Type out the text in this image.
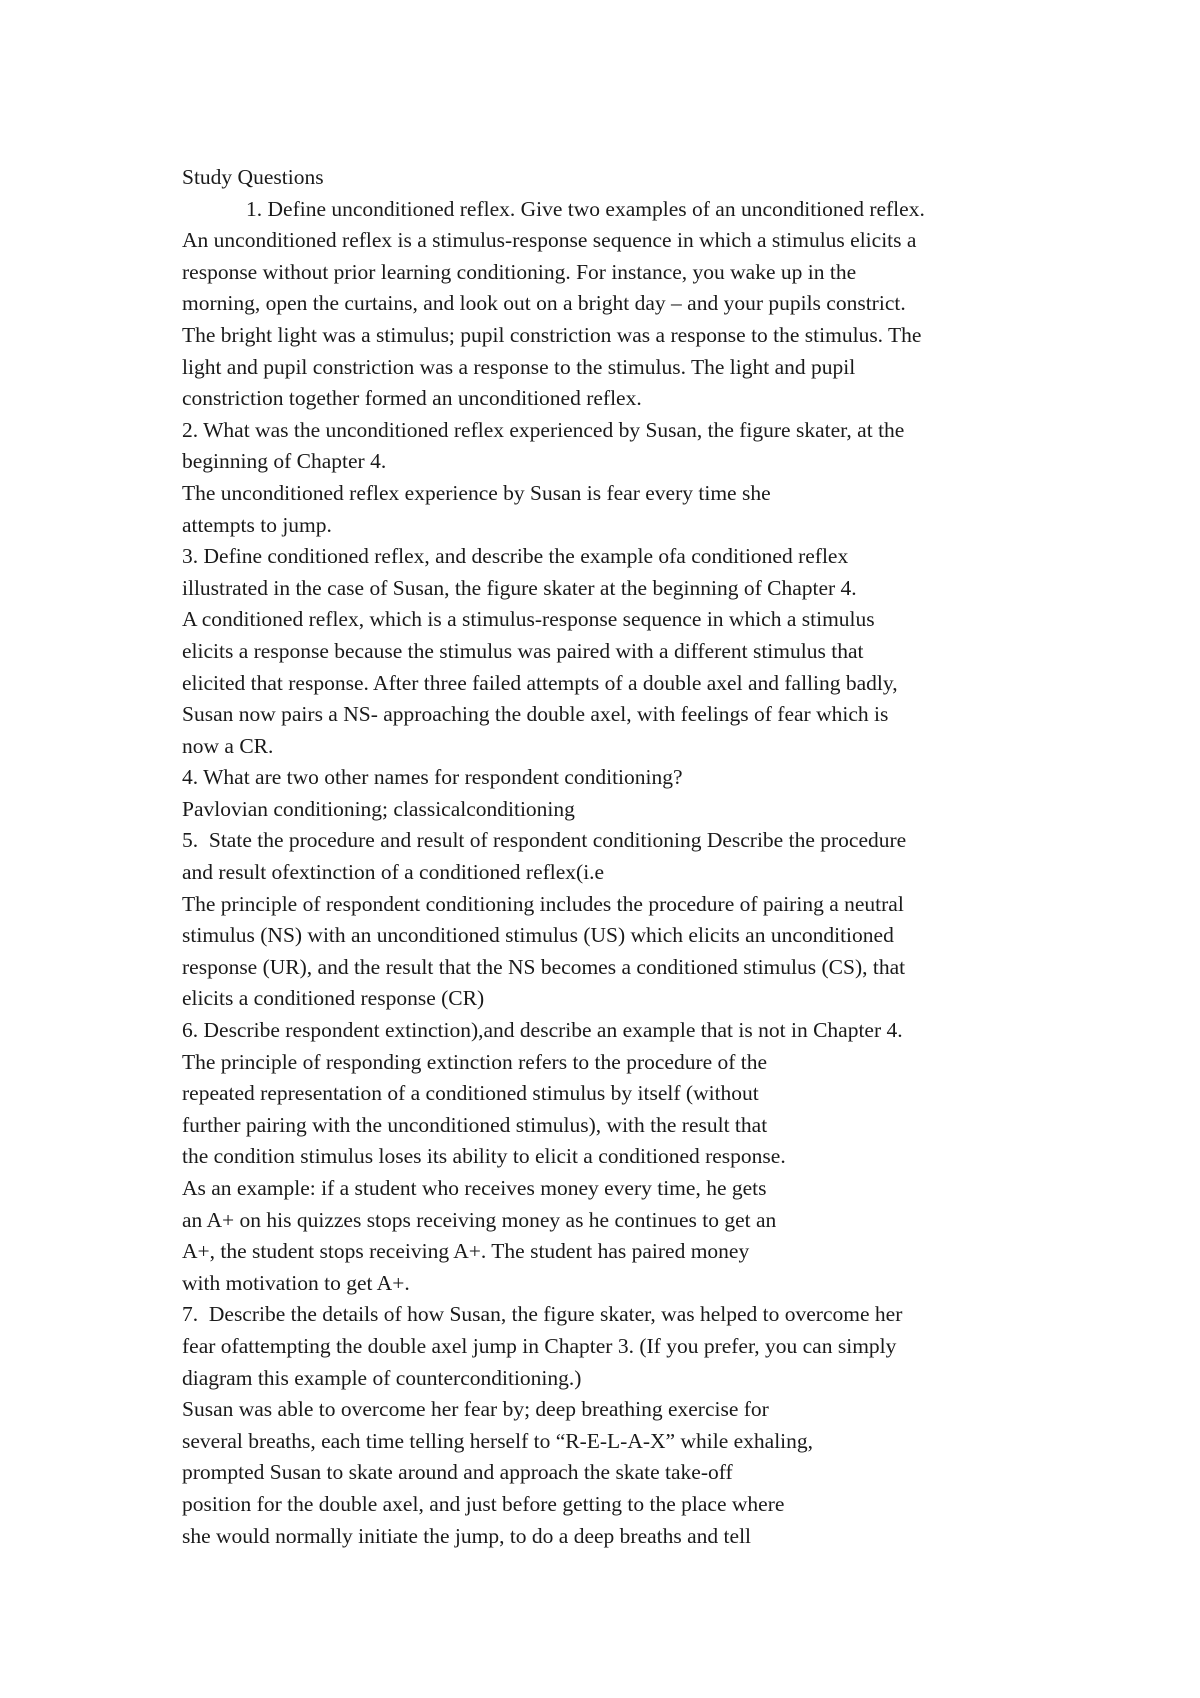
Study Questions
1. Define unconditioned reflex. Give two examples of an unconditioned reflex.
An unconditioned reflex is a stimulus-response sequence in which a stimulus elicits a
response without prior learning conditioning. For instance, you wake up in the
morning, open the curtains, and look out on a bright day – and your pupils constrict.
The bright light was a stimulus; pupil constriction was a response to the stimulus. The
light and pupil constriction was a response to the stimulus. The light and pupil
constriction together formed an unconditioned reflex.
2. What was the unconditioned reflex experienced by Susan, the figure skater, at the
beginning of Chapter 4.
The unconditioned reflex experience by Susan is fear every time she
attempts to jump.
3. Define conditioned reflex, and describe the example ofa conditioned reflex
illustrated in the case of Susan, the figure skater at the beginning of Chapter 4.
A conditioned reflex, which is a stimulus-response sequence in which a stimulus
elicits a response because the stimulus was paired with a different stimulus that
elicited that response. After three failed attempts of a double axel and falling badly,
Susan now pairs a NS- approaching the double axel, with feelings of fear which is
now a CR.
4. What are two other names for respondent conditioning?
Pavlovian conditioning; classicalconditioning
5.  State the procedure and result of respondent conditioning Describe the procedure
and result ofextinction of a conditioned reflex(i.e
The principle of respondent conditioning includes the procedure of pairing a neutral
stimulus (NS) with an unconditioned stimulus (US) which elicits an unconditioned
response (UR), and the result that the NS becomes a conditioned stimulus (CS), that
elicits a conditioned response (CR)
6. Describe respondent extinction),and describe an example that is not in Chapter 4.
The principle of responding extinction refers to the procedure of the
repeated representation of a conditioned stimulus by itself (without
further pairing with the unconditioned stimulus), with the result that
the condition stimulus loses its ability to elicit a conditioned response.
As an example: if a student who receives money every time, he gets
an A+ on his quizzes stops receiving money as he continues to get an
A+, the student stops receiving A+. The student has paired money
with motivation to get A+.
7.  Describe the details of how Susan, the figure skater, was helped to overcome her
fear ofattempting the double axel jump in Chapter 3. (If you prefer, you can simply
diagram this example of counterconditioning.)
Susan was able to overcome her fear by; deep breathing exercise for
several breaths, each time telling herself to “R-E-L-A-X” while exhaling,
prompted Susan to skate around and approach the skate take-off
position for the double axel, and just before getting to the place where
she would normally initiate the jump, to do a deep breaths and tell
